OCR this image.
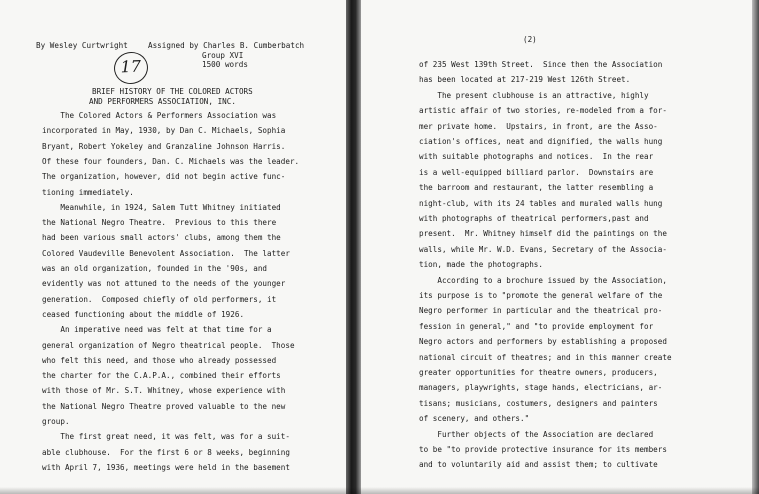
By Wesley Curtwright	Assigned by Charles B. Cumberbatch
Group XVI
1500 words
17
BRIEF HISTORY OF THE COLORED ACTORS
AND PERFORMERS ASSOCIATION, INC.
The Colored Actors & Performers Association was
incorporated in May, 1930, by Dan C. Michaels, Sophia
Bryant, Robert Yokeley and Granzaline Johnson Harris.
Of these four founders, Dan. C. Michaels was the leader.
The organization, however, did not begin active func-
tioning immediately.
Meanwhile, in 1924, Salem Tutt Whitney initiated
the National Negro Theatre.  Previous to this there
had been various small actors' clubs, among them the
Colored Vaudeville Benevolent Association.  The latter
was an old organization, founded in the '90s, and
evidently was not attuned to the needs of the younger
generation.  Composed chiefly of old performers, it
ceased functioning about the middle of 1926.
An imperative need was felt at that time for a
general organization of Negro theatrical people.  Those
who felt this need, and those who already possessed
the charter for the C.A.P.A., combined their efforts
with those of Mr. S.T. Whitney, whose experience with
the National Negro Theatre proved valuable to the new
group.
The first great need, it was felt, was for a suit-
able clubhouse.  For the first 6 or 8 weeks, beginning
with April 7, 1936, meetings were held in the basement
(2)
of 235 West 139th Street.  Since then the Association
has been located at 217-219 West 126th Street.
The present clubhouse is an attractive, highly
artistic affair of two stories, re-modeled from a for-
mer private home.  Upstairs, in front, are the Asso-
ciation's offices, neat and dignified, the walls hung
with suitable photographs and notices.  In the rear
is a well-equipped billiard parlor.  Downstairs are
the barroom and restaurant, the latter resembling a
night-club, with its 24 tables and muraled walls hung
with photographs of theatrical performers,past and
present.  Mr. Whitney himself did the paintings on the
walls, while Mr. W.D. Evans, Secretary of the Associa-
tion, made the photographs.
According to a brochure issued by the Association,
its purpose is to "promote the general welfare of the
Negro performer in particular and the theatrical pro-
fession in general," and "to provide employment for
Negro actors and performers by establishing a proposed
national circuit of theatres; and in this manner create
greater opportunities for theatre owners, producers,
managers, playwrights, stage hands, electricians, ar-
tisans; musicians, costumers, designers and painters
of scenery, and others."
Further objects of the Association are declared
to be "to provide protective insurance for its members
and to voluntarily aid and assist them; to cultivate
